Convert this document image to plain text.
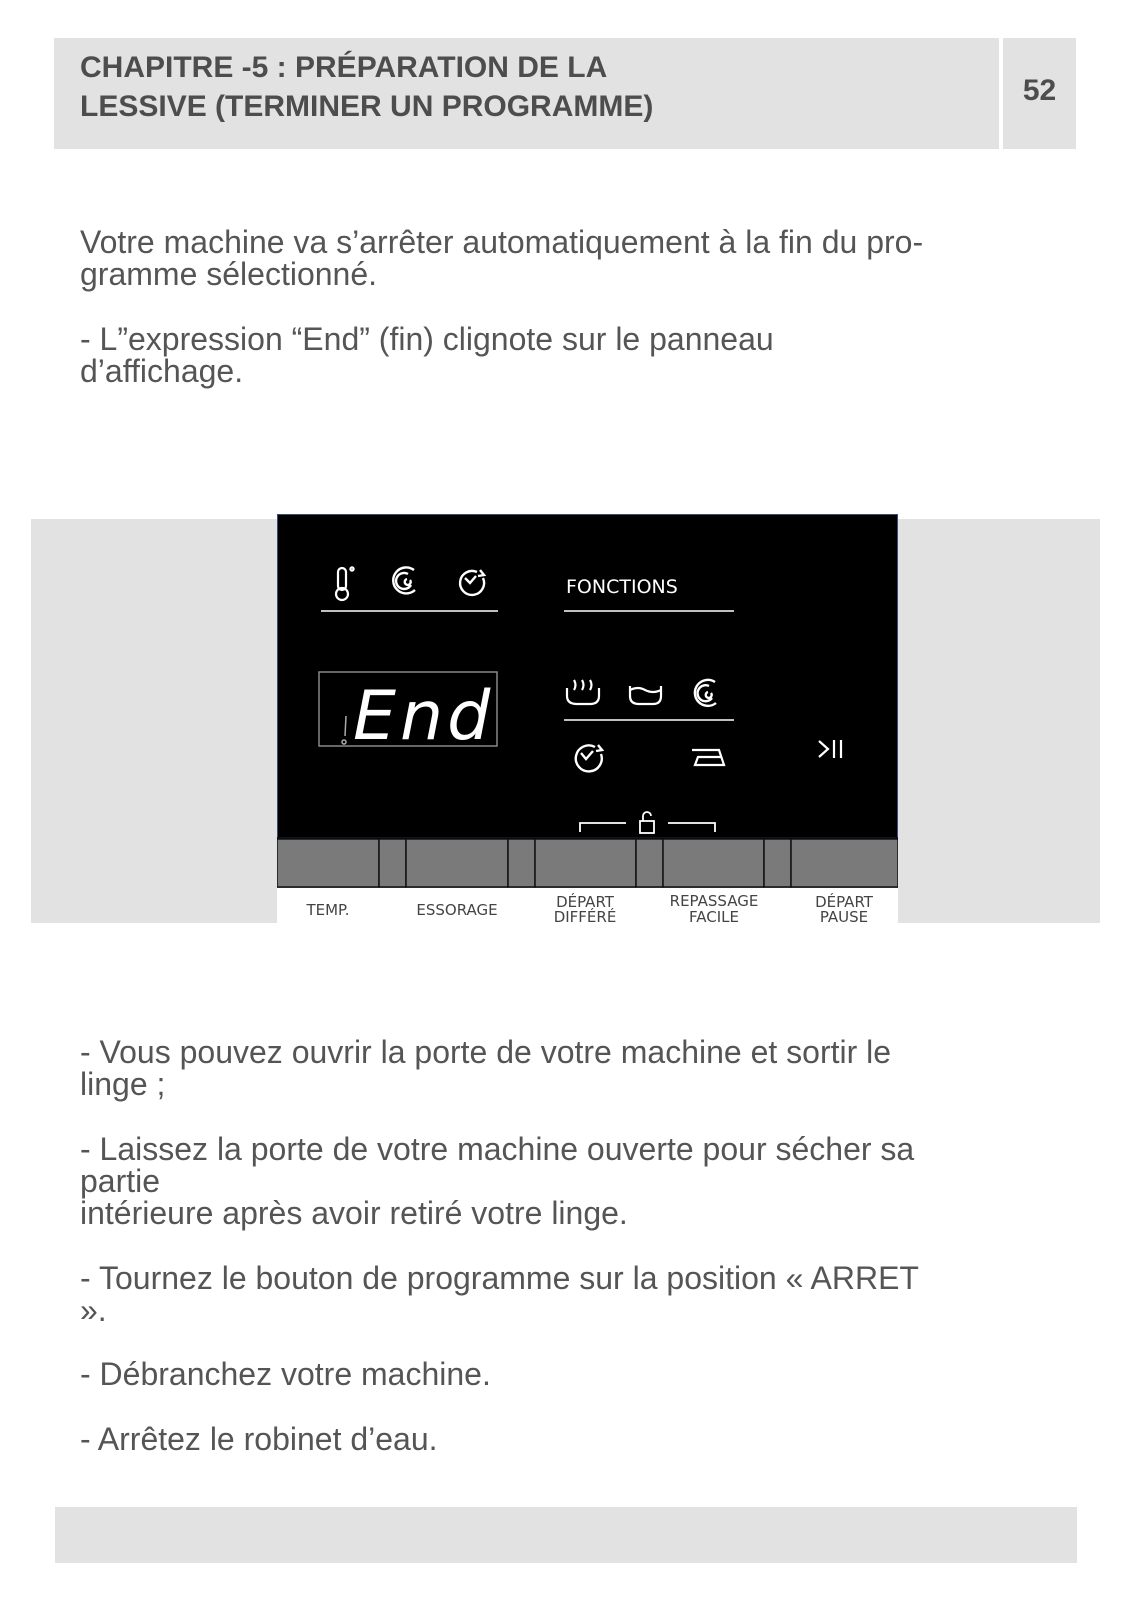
CHAPITRE -5 : PRÉPARATION DE LA
LESSIVE (TERMINER UN PROGRAMME)	52
Votre machine va s’arrêter automatiquement à la fin du pro-
gramme sélectionné.
- L”expression “End” (fin) clignote sur le panneau
d’affichage.
FONCTIONS
End
TEMP.	ESSORAGE	DÉPART
DIFFÉRÉ
REPASSAGE
FACILE
DÉPART
PAUSE
- Vous pouvez ouvrir la porte de votre machine et sortir le
linge ;
- Laissez la porte de votre machine ouverte pour sécher sa
partie
intérieure après avoir retiré votre linge.
- Tournez le bouton de programme sur la position « ARRET
».
- Débranchez votre machine.
- Arrêtez le robinet d’eau.
